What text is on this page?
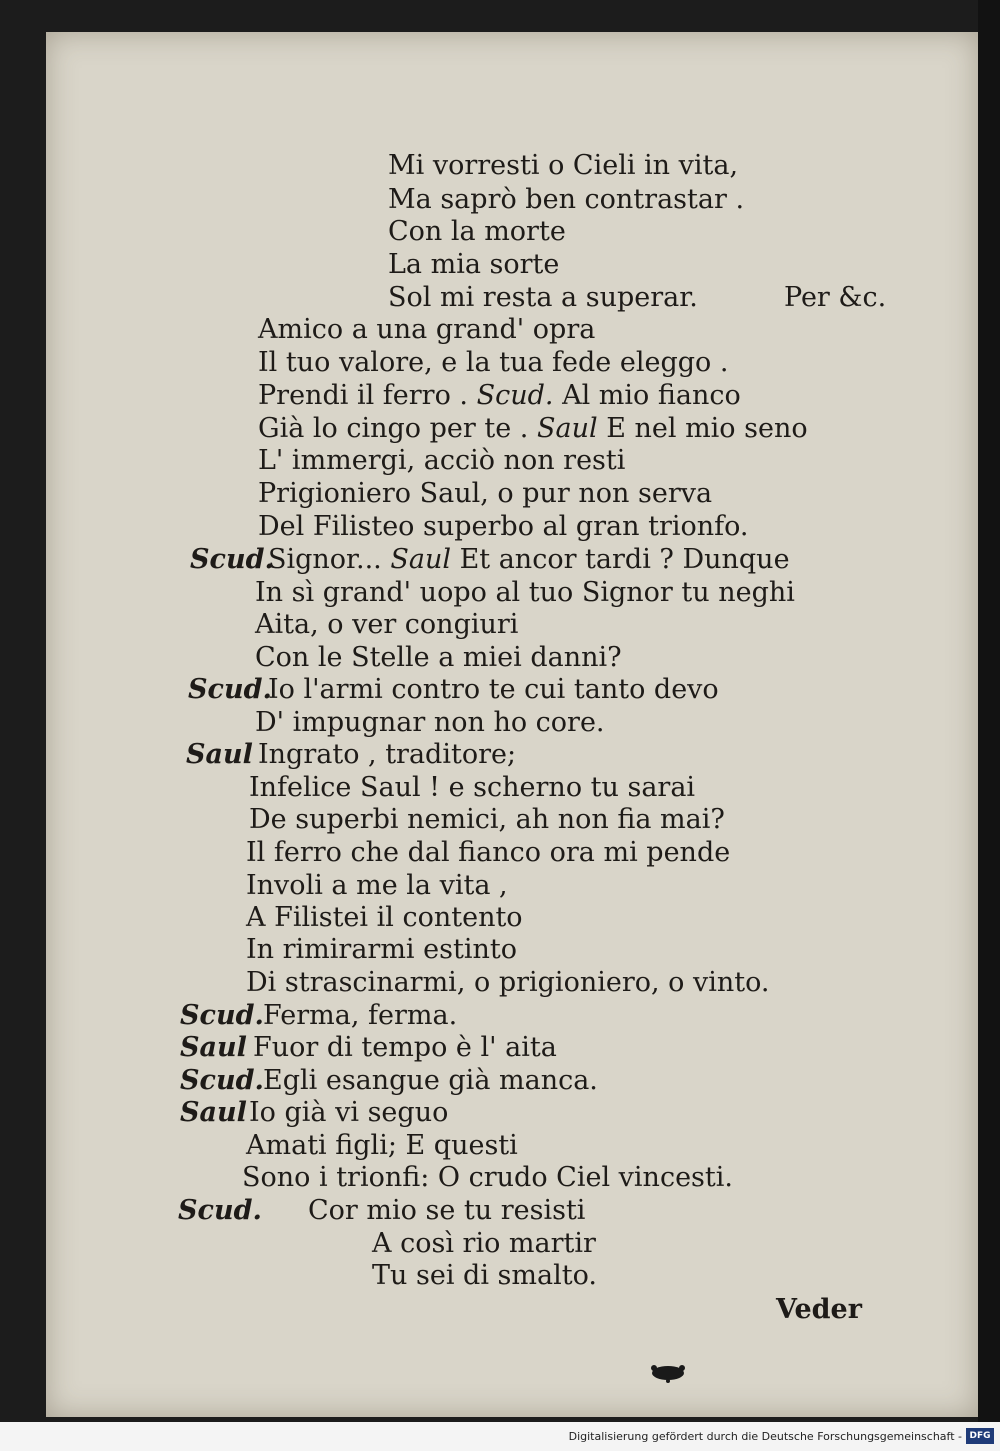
Mi vorresti o Cieli in vita,
Ma saprò ben contrastar .
Con la morte
La mia sorte
Sol mi resta a superar.	Per &c.
Amico a una grand' opra
Il tuo valore, e la tua fede eleggo .
Prendi il ferro . Scud. Al mio fianco
Già lo cingo per te . Saul E nel mio seno
L' immergi, acciò non resti
Prigioniero Saul, o pur non serva
Del Filisteo superbo al gran trionfo.
Scud.
Signor... Saul Et ancor tardi ? Dunque
In sì grand' uopo al tuo Signor tu neghi
Aita, o ver congiuri
Con le Stelle a miei danni?
Scud.
Io l'armi contro te cui tanto devo
D' impugnar non ho core.
Saul Ingrato , traditore;
Infelice Saul ! e scherno tu sarai
De superbi nemici, ah non fia mai?
Il ferro che dal fianco ora mi pende
Involi a me la vita ,
A Filistei il contento
In rimirarmi estinto
Di strascinarmi, o prigioniero, o vinto.
Scud. Ferma, ferma.
Saul Fuor di tempo è l' aita
Scud. Egli esangue già manca.
Saul Io già vi seguo
Amati figli; E questi
Sono i trionfi: O crudo Ciel vincesti.
Scud. Cor mio se tu resisti
A così rio martir
Tu sei di smalto.
Veder
Digitalisierung gefördert durch die Deutsche Forschungsgemeinschaft - DFG
